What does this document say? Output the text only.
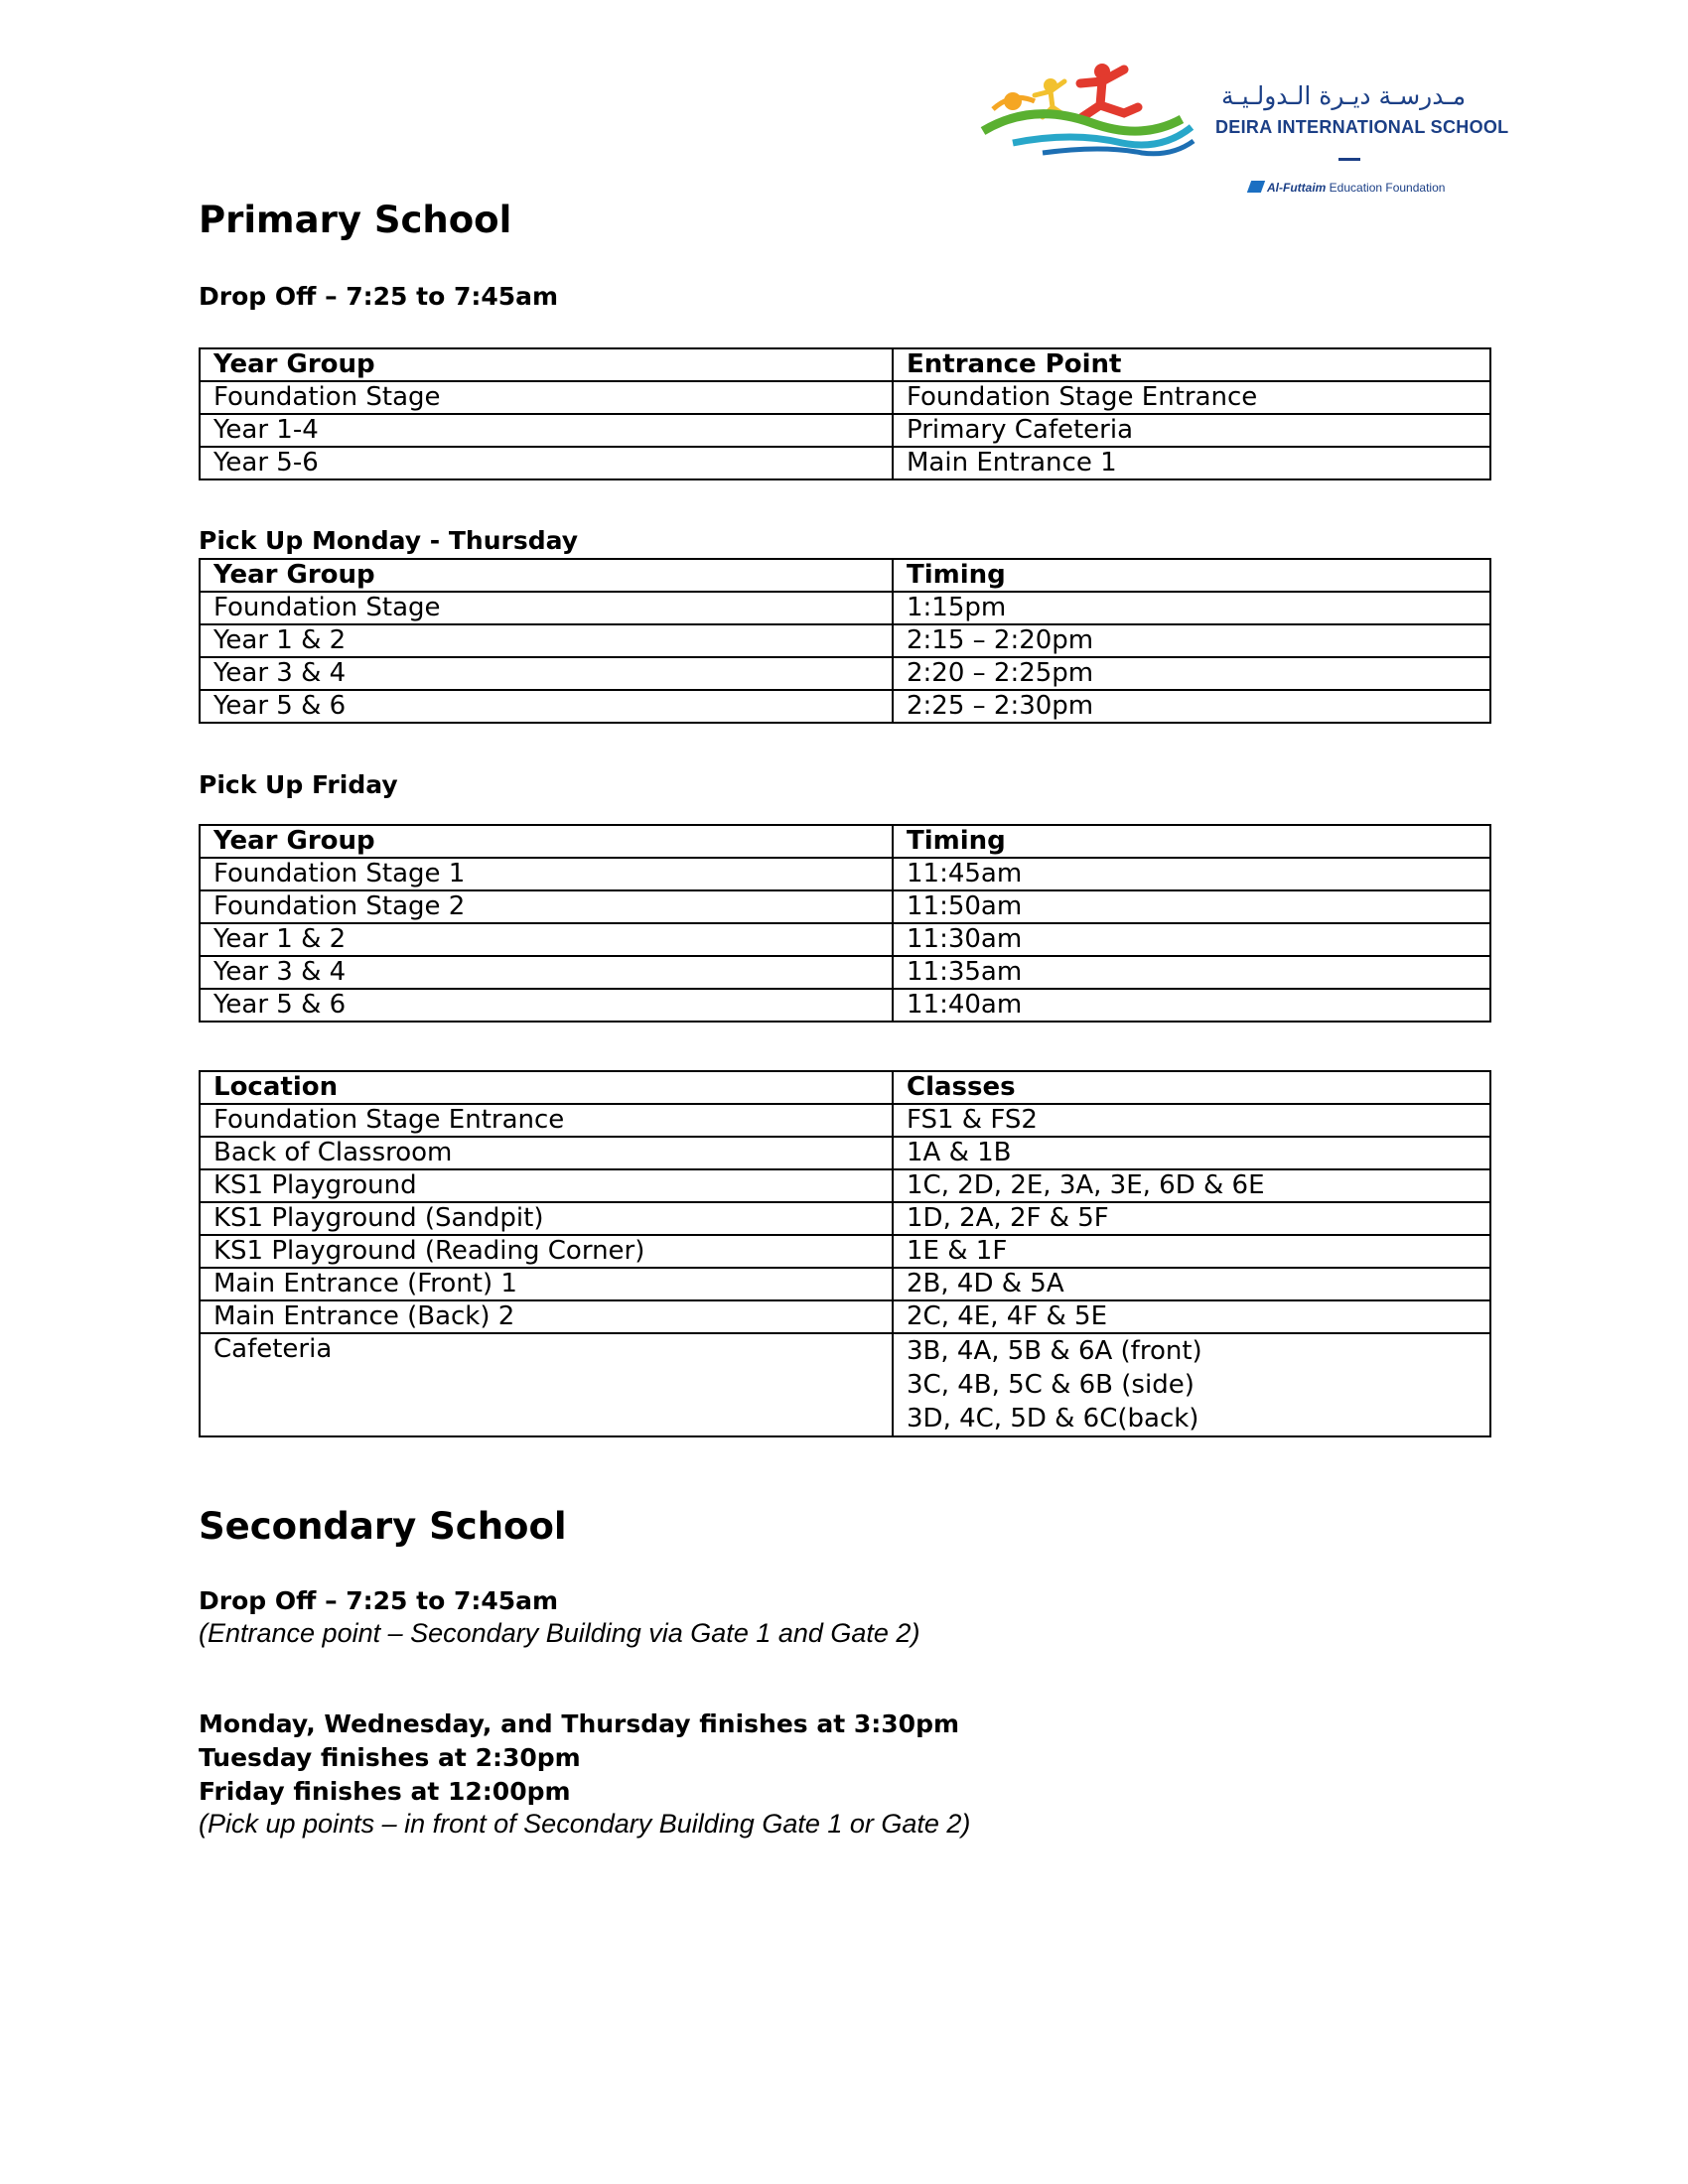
مـدرسـة ديـرة الـدولـيـة
DEIRA INTERNATIONAL SCHOOL
Al-Futtaim Education Foundation
Primary School
Drop Off – 7:25 to 7:45am
Year Group	Entrance Point
Foundation Stage	Foundation Stage Entrance
Year 1-4	Primary Cafeteria
Year 5-6	Main Entrance 1
Pick Up Monday - Thursday
Year Group	Timing
Foundation Stage	1:15pm
Year 1 & 2	2:15 – 2:20pm
Year 3 & 4	2:20 – 2:25pm
Year 5 & 6	2:25 – 2:30pm
Pick Up Friday
Year Group	Timing
Foundation Stage 1	11:45am
Foundation Stage 2	11:50am
Year 1 & 2	11:30am
Year 3 & 4	11:35am
Year 5 & 6	11:40am
Location	Classes
Foundation Stage Entrance	FS1 & FS2
Back of Classroom	1A & 1B
KS1 Playground	1C, 2D, 2E, 3A, 3E, 6D & 6E
KS1 Playground (Sandpit)	1D, 2A, 2F & 5F
KS1 Playground (Reading Corner)	1E & 1F
Main Entrance (Front) 1	2B, 4D & 5A
Main Entrance (Back) 2	2C, 4E, 4F & 5E
Cafeteria	3B, 4A, 5B & 6A (front)
3C, 4B, 5C & 6B (side)
3D, 4C, 5D & 6C(back)
Secondary School
Drop Off – 7:25 to 7:45am
(Entrance point – Secondary Building via Gate 1 and Gate 2)
Monday, Wednesday, and Thursday finishes at 3:30pm
Tuesday finishes at 2:30pm
Friday finishes at 12:00pm
(Pick up points – in front of Secondary Building Gate 1 or Gate 2)
